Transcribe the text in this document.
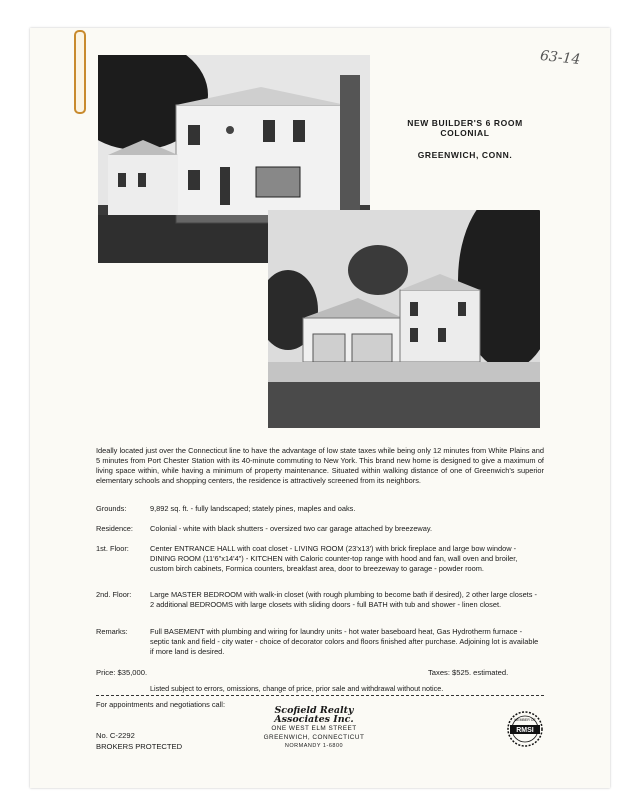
63-14
NEW BUILDER'S 6 ROOM COLONIAL
GREENWICH, CONN.
Ideally located just over the Connecticut line to have the advantage of low state taxes while being only 12 minutes from White Plains and 5 minutes from Port Chester Station with its 40-minute commuting to New York. This brand new home is designed to give a maximum of living space within, while having a minimum of property maintenance. Situated within walking distance of one of Greenwich's superior elementary schools and shopping centers, the residence is attractively screened from its neighbors.
Grounds:	9,892 sq. ft. - fully landscaped; stately pines, maples and oaks.
Residence:	Colonial - white with black shutters - oversized two car garage attached by breezeway.
1st. Floor:	Center ENTRANCE HALL with coat closet - LIVING ROOM (23'x13') with brick fireplace and large bow window - DINING ROOM (11'6"x14'4") - KITCHEN with Caloric counter-top range with hood and fan, wall oven and broiler, custom birch cabinets, Formica counters, breakfast area, door to breezeway to garage - powder room.
2nd. Floor:	Large MASTER BEDROOM with walk-in closet (with rough plumbing to become bath if desired), 2 other large closets - 2 additional BEDROOMS with large closets with sliding doors - full BATH with tub and shower - linen closet.
Remarks:	Full BASEMENT with plumbing and wiring for laundry units - hot water baseboard heat, Gas Hydrotherm furnace - septic tank and field - city water - choice of decorator colors and floors finished after purchase. Adjoining lot is available if more land is desired.
Price: $35,000.	Taxes: $525. estimated.
Listed subject to errors, omissions, change of price, prior sale and withdrawal without notice.
For appointments and negotiations call:
Scofield Realty Associates Inc.
ONE WEST ELM STREET
GREENWICH, CONNECTICUT
NORMANDY 1-6800
No. C-2292
BROKERS PROTECTED
RMSI
MEMBER OF
